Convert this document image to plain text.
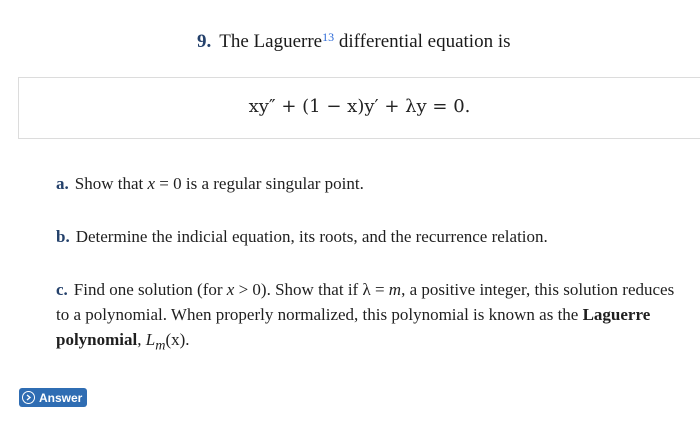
9. The Laguerre$^{13}$ differential equation is
xy″ + (1 − x)y′ + λy = 0.
a. Show that x = 0 is a regular singular point.
b. Determine the indicial equation, its roots, and the recurrence relation.
c. Find one solution (for x > 0). Show that if λ = m, a positive integer, this solution reduces to a polynomial. When properly normalized, this polynomial is known as the Laguerre polynomial, $L_m(x)$.
Answer
